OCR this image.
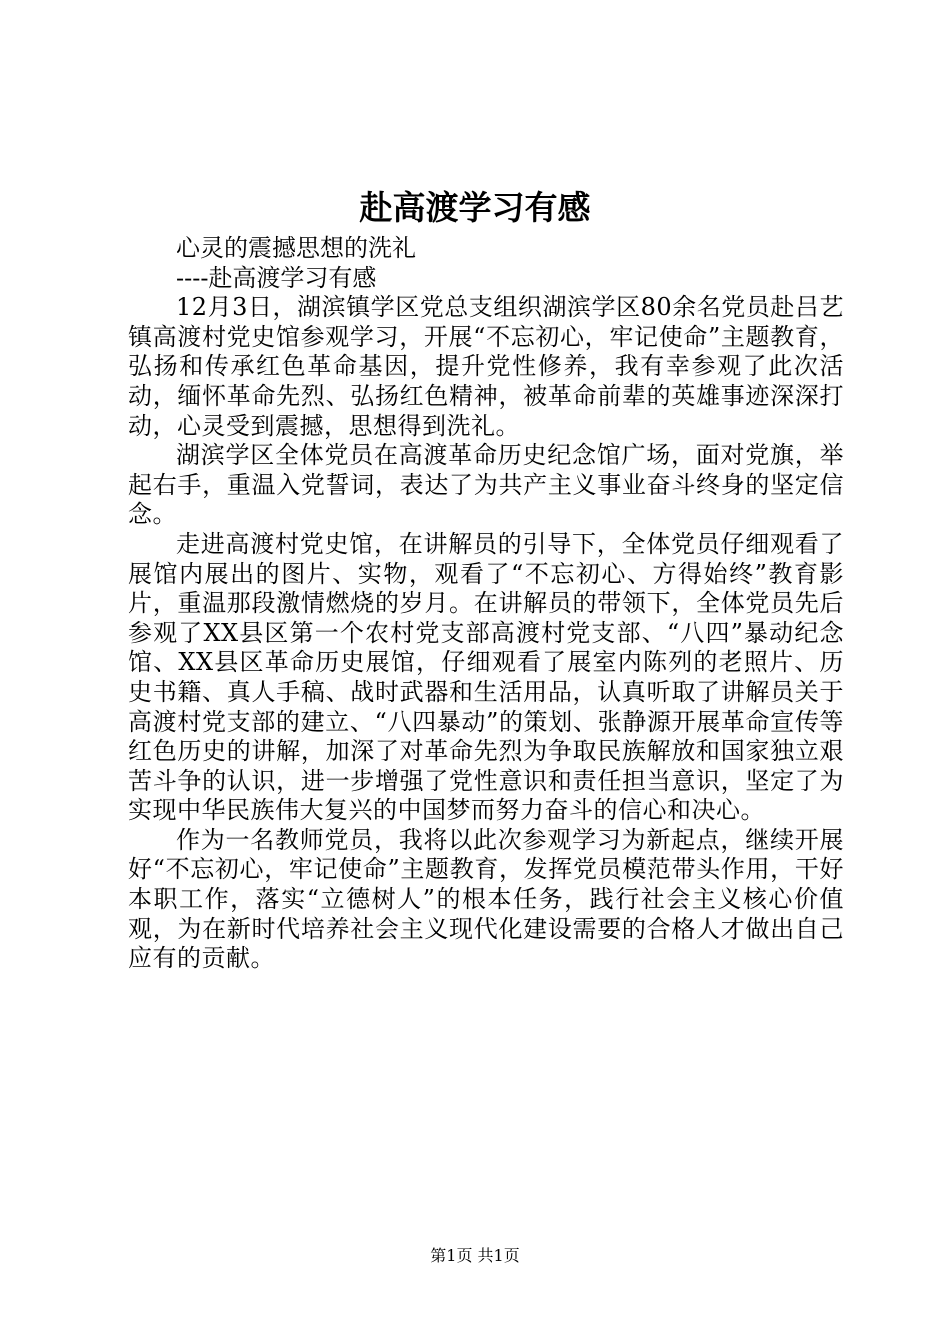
赴高渡学习有感

心灵的震撼思想的洗礼

----赴高渡学习有感

12月3日，湖滨镇学区党总支组织湖滨学区80余名党员赴吕艺镇高渡村党史馆参观学习，开展“不忘初心，牢记使命”主题教育，弘扬和传承红色革命基因，提升党性修养，我有幸参观了此次活动，缅怀革命先烈、弘扬红色精神，被革命前辈的英雄事迹深深打动，心灵受到震撼，思想得到洗礼。

湖滨学区全体党员在高渡革命历史纪念馆广场，面对党旗，举起右手，重温入党誓词，表达了为共产主义事业奋斗终身的坚定信念。

走进高渡村党史馆，在讲解员的引导下，全体党员仔细观看了展馆内展出的图片、实物，观看了“不忘初心、方得始终”教育影片，重温那段激情燃烧的岁月。在讲解员的带领下，全体党员先后参观了XX县区第一个农村党支部高渡村党支部、“八四”暴动纪念馆、XX县区革命历史展馆，仔细观看了展室内陈列的老照片、历史书籍、真人手稿、战时武器和生活用品，认真听取了讲解员关于高渡村党支部的建立、“八四暴动”的策划、张静源开展革命宣传等红色历史的讲解，加深了对革命先烈为争取民族解放和国家独立艰苦斗争的认识，进一步增强了党性意识和责任担当意识，坚定了为实现中华民族伟大复兴的中国梦而努力奋斗的信心和决心。

作为一名教师党员，我将以此次参观学习为新起点，继续开展好“不忘初心，牢记使命”主题教育，发挥党员模范带头作用，干好本职工作，落实“立德树人”的根本任务，践行社会主义核心价值观，为在新时代培养社会主义现代化建设需要的合格人才做出自己应有的贡献。

第1页 共1页
